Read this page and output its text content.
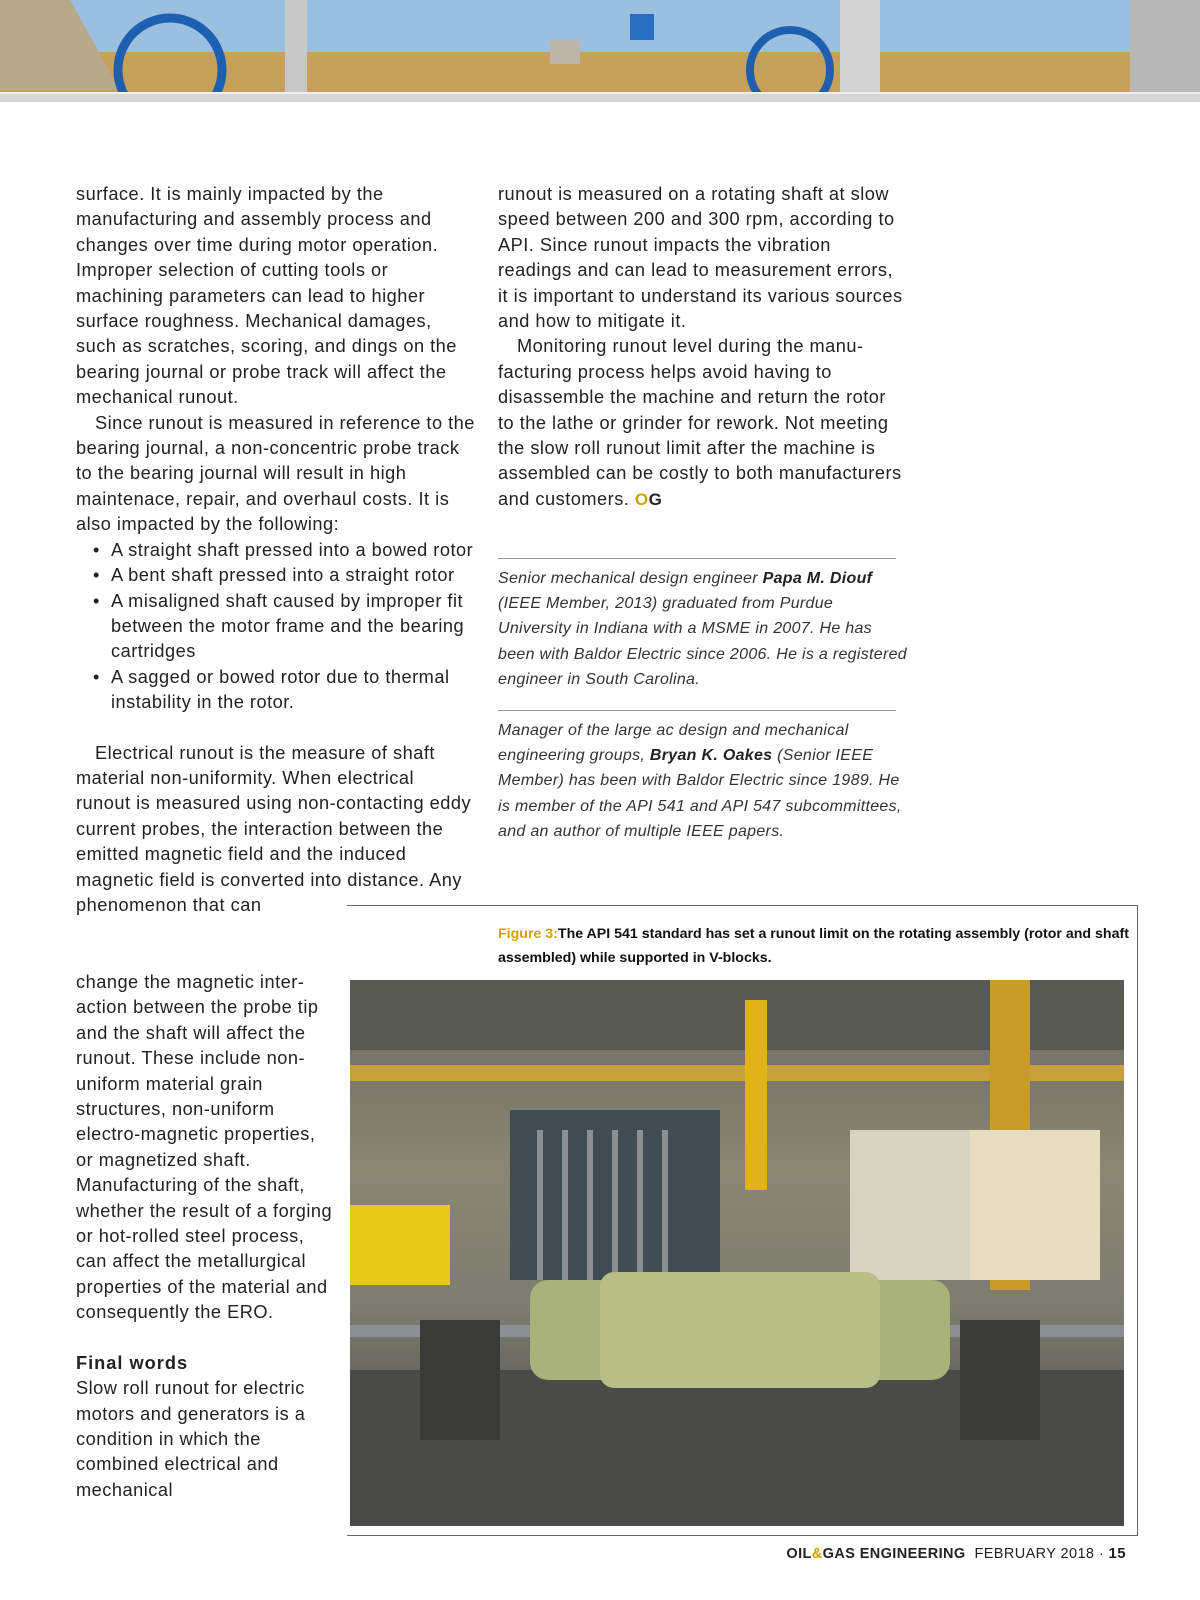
surface. It is mainly impacted by the manufacturing and assembly process and changes over time during motor operation. Improper selection of cutting tools or machining parameters can lead to higher surface roughness. Mechanical damages, such as scratches, scoring, and dings on the bearing journal or probe track will affect the mechanical runout.

Since runout is measured in reference to the bearing journal, a non-concentric probe track to the bearing journal will result in high maintenace, repair, and overhaul costs. It is also impacted by the following:

• A straight shaft pressed into a bowed rotor
• A bent shaft pressed into a straight rotor
• A misaligned shaft caused by improper fit between the motor frame and the bearing cartridges
• A sagged or bowed rotor due to thermal instability in the rotor.

Electrical runout is the measure of shaft material non-uniformity. When electrical runout is measured using non-contacting eddy current probes, the interaction between the emitted magnetic field and the induced magnetic field is converted into distance. Any phenomenon that can

change the magnetic interaction between the probe tip and the shaft will affect the runout. These include non-uniform material grain structures, non-uniform electro-magnetic properties, or magnetized shaft. Manufacturing of the shaft, whether the result of a forging or hot-rolled steel process, can affect the metallurgical properties of the material and consequently the ERO.

Final words

Slow roll runout for electric motors and generators is a condition in which the combined electrical and mechanical

runout is measured on a rotating shaft at slow speed between 200 and 300 rpm, according to API. Since runout impacts the vibration readings and can lead to measurement errors, it is important to understand its various sources and how to mitigate it.

Monitoring runout level during the manufacturing process helps avoid having to disassemble the machine and return the rotor to the lathe or grinder for rework. Not meeting the slow roll runout limit after the machine is assembled can be costly to both manufacturers and customers. OG

Senior mechanical design engineer Papa M. Diouf (IEEE Member, 2013) graduated from Purdue University in Indiana with a MSME in 2007. He has been with Baldor Electric since 2006. He is a registered engineer in South Carolina.
Manager of the large ac design and mechanical engineering groups, Bryan K. Oakes (Senior IEEE Member) has been with Baldor Electric since 1989. He is member of the API 541 and API 547 subcommittees, and an author of multiple IEEE papers.
Figure 3:The API 541 standard has set a runout limit on the rotating assembly (rotor and shaft assembled) while supported in V-blocks.
OIL&GAS ENGINEERING FEBRUARY 2018 · 15
